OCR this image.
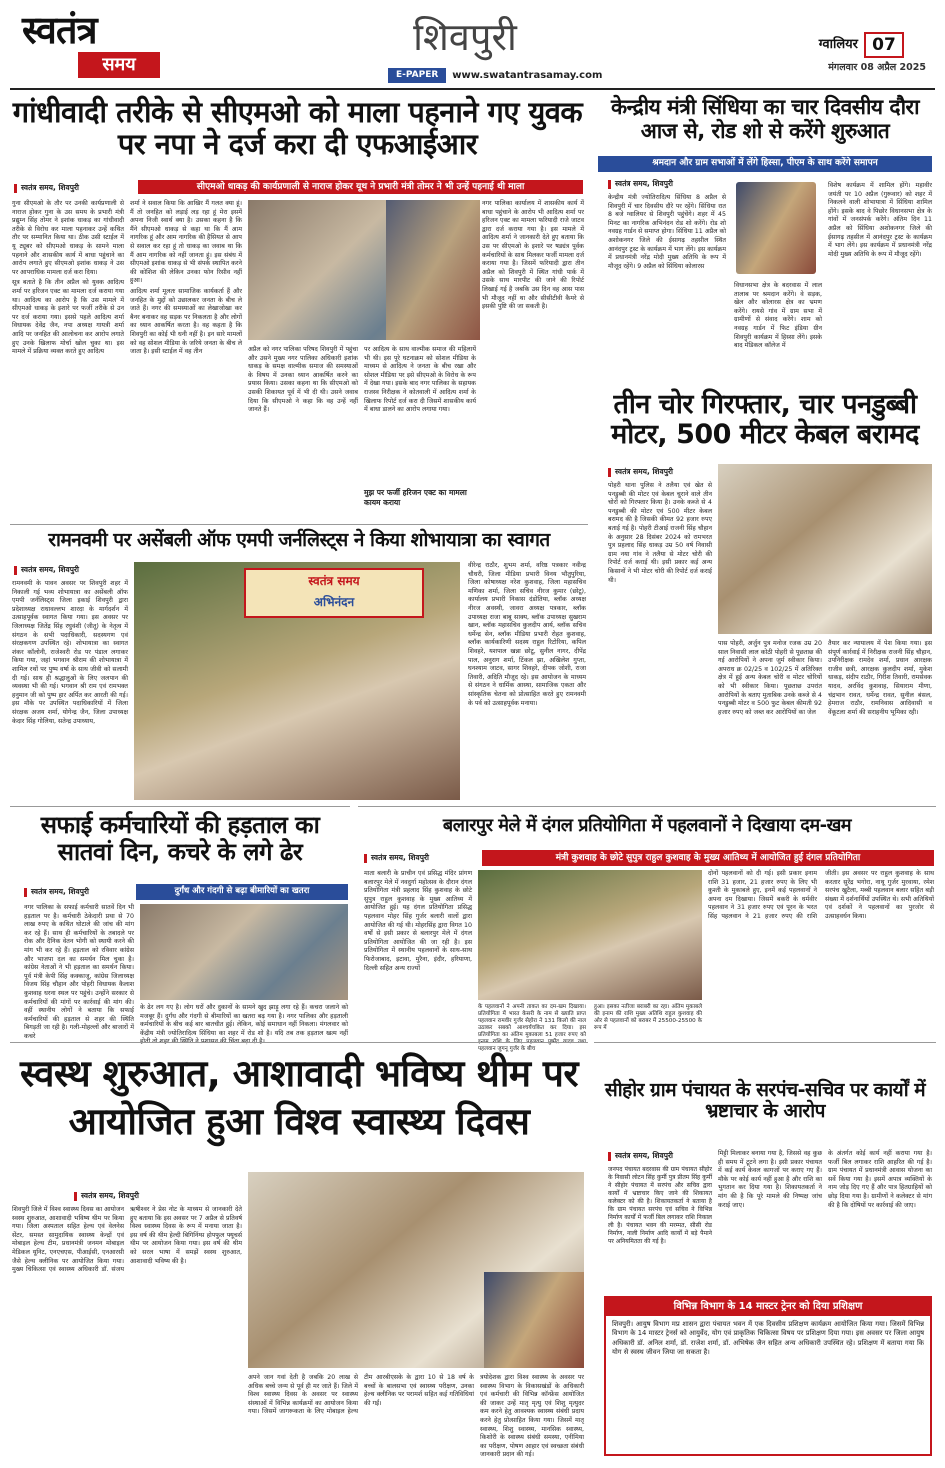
स्वतंत्र
समय
शिवपुरी
E-PAPER	www.swatantrasamay.com
ग्वालियर 07
मंगलवार 08 अप्रैल 2025
गांधीवादी तरीके से सीएमओ को माला पहनाने गए युवक पर नपा ने दर्ज करा दी एफआईआर
स्वतंत्र समय, शिवपुरी	सीएमओ धाकड़ की कार्यप्रणाली से नाराज होकर यूथ ने प्रभारी मंत्री तोमर ने भी उन्हें पहनाई थी माला

गुना सीएमओ के तौर पर उनकी कार्यप्रणाली से नाराज होकर गुना के उस समय के प्रभारी मंत्री प्रद्युम्न सिंह तोमर ने इशांक धाकड़ का गांधीवादी तरीके से विरोध कर माला पहनाकर उन्हें कथित तौर पर सम्मानित किया था। ठीक उसी स्टाईल में यू ट्यूबर को सीएमओ धाकड़ के सामने माला पहनाने और शासकीय कार्य में बाधा पहुंचाने का आरोप लगाते हुए सीएमओ इशांक धाकड़ ने उस पर आपराधिक मामला दर्ज करा दिया।

सूत्र बताते है कि तीन अप्रैल को युवक आदित्य शर्मा पर हरिजन एक्ट का मामला दर्ज कराया गया था। आदित्य का आरोप है कि उस मामले में सीएमओ धाकड़ के इशारे पर फर्जी तरीके से उन पर दर्ज कराया गया। इससे पहले आदित्य शर्मा विधायक देवेंद्र जैन, नपा अध्यक्ष गायत्री शर्मा आदि पर जनहित की आलोचना कर आरोप लगाते हुए उनके खिलाफ मोर्चा खोल चुका था। इस मामले में प्रक्रिया व्यक्त करते हुए आदित्य

शर्मा ने सवाल किया कि आखिर मैं गलत क्या हूं। मैं तो जनहित को लड़ाई लड़ रहा हूं मेरा इसमें अपना निजी स्वार्थ क्या है। उसका कहना है कि मैंने सीएमओ धाकड़ से कहा था कि मैं आम नागरिक हूं और आम नागरिक की हैसियत से आप से सवाल कर रहा हूं तो धाकड़ का जवाब था कि मैं आम नागरिक को नहीं जानता हूं। इस संबंध में सीएमओ इशांक धाकड़ से भी संपर्क स्थापित करने की कोशिश की लेकिन उनका फोन रिसीव नहीं हुआ।

आदित्य शर्मा मूलतः सामाजिक कार्यकर्ता हैं और जनहित के मुद्दों को उछालकर जनता के बीच ले जाते हैं। नगर की समस्याओं का लेखाजोखा कर बैनर बनाकर वह सड़क पर निकलता है और लोगों का ध्यान आकर्षित करता है। वह कहता है कि शिवपुरी का कोई भी धनी नहीं है। इन सारे मामलों को वह सोशल मीडिया के जरिये जनता के बीच ले जाता है। इसी स्टाईल में वह तीन	अप्रैल को नगर पालिका परिषद शिवपुरी में पहुंचा और उसने मुख्य नगर पालिका अधिकारी इशांक धाकड़ के समक्ष वाल्मीक समाज की समस्याओं के विषय में उनका ध्यान आकर्षित करने का प्रयास किया। उसका कहना था कि सीएमओ को उसकी शिकायत पूर्व में भी दी थी। उसने जवाब दिया कि सीएमओ ने कहा कि वह उन्हें नहीं जानते हैं।

पर आदित्य के साथ वाल्मीक समाज की महिलायें भी थी। इस पूरे घटनाक्रम को सोशल मीडिया के माध्यम से आदित्य ने जनता के बीच रखा और सोशल मीडिया पर इसे सीएमओ के विरोध के रूप में देखा गया। इसके बाद नगर पालिका के सहायक राजस्व निरीक्षक ने कोतवाली में आदित्य शर्मा के खिलाफ रिपोर्ट दर्ज करा दी जिसमें शासकीय कार्य में बाधा डालने का आरोप लगाया गया।

मुझ पर फर्जी हरिजन एक्ट का मामला कायम कराया

नगर पालिका कार्यालय में शासकीय कार्य में बाधा पहुंचाने के आरोप भी आदित्य शर्मा पर हरिजन एक्ट का मामला फरियादी राजे जाटव द्वारा दर्ज कराया गया है। इस मामले में आदित्य शर्मा ने जानकारी देते हुए बताया कि उस पर सीएमओ के इशारे पर षड्यंत्र पूर्वक कर्मचारियों के साथ मिलकर फर्जी मामला दर्ज कराया गया है। जिसमें फरियादी द्वारा तीन अप्रैल को शिवपुरी में स्थित गांधी पार्क में उसके साथ मारपीट की जाने की रिपोर्ट लिखाई गई है जबकि उस दिन वह आस पास भी मौजूद नहीं था और सीसीटीवी कैमरे से इसकी पुष्टि की जा सकती है।
केन्द्रीय मंत्री सिंधिया का चार दिवसीय दौरा आज से, रोड शो से करेंगे शुरुआत
श्रमदान और ग्राम सभाओं में लेंगे हिस्सा, पीएम के साथ करेंगे समापन
स्वतंत्र समय, शिवपुरी
केन्द्रीय मंत्री ज्योतिरादित्य सिंधिया 8 अप्रैल से शिवपुरी में चार दिवसीय दौरे पर रहेंगे। सिंधिया रात 8 बजे ग्वालियर से शिवपुरी पहुंचेंगे। शहर में 45 मिनट का नागरिक अभिनंदन रोड शो करेंगे। रोड शो नवग्रह गार्डन से समाप्त होगा। सिंधिया 11 अप्रैल को अशोकनगर जिले की ईसागढ़ तहसील स्थित आनंदपुर ट्रस्ट के कार्यक्रम में भाग लेंगे। इस कार्यक्रम में प्रधानमंत्री नरेंद्र मोदी मुख्य अतिथि के रूप में मौजूद रहेंगे। 9 अप्रैल को सिंधिया कोलारस
विधानसभा क्षेत्र के बदरवास में लाल तालाब पर श्रमदान करेंगे। वे सड़क, खेल और कोलारस क्षेत्र का भ्रमण करेंगे। रायसे गांव में ग्राम सभा में ग्रामीणों से संवाद करेंगे। शाम को नवग्रह गार्डन में फिट इंडिया ग्रीन शिवपुरी कार्यक्रम में हिस्सा लेंगे। इसके बाद मेडिकल कॉलेज में
विशेष कार्यक्रम में शामिल होंगे। महावीर जयंती पर 10 अप्रैल (गुरूवार) को शहर में निकलने वाली शोभायात्रा में सिंधिया शामिल होंगे। इसके बाद वे पिछोर विधानसभा क्षेत्र के गांवों में जनसंपर्क करेंगे। अंतिम दिन 11 अप्रैल को सिंधिया अशोकनगर जिले की ईसागढ़ तहसील में आनंदपुर ट्रस्ट के कार्यक्रम में भाग लेंगे। इस कार्यक्रम में प्रधानमंत्री नरेंद्र मोदी मुख्य अतिथि के रूप में मौजूद रहेंगे।
तीन चोर गिरफ्तार, चार पनडुब्बी मोटर, 500 मीटर केबल बरामद
स्वतंत्र समय, शिवपुरी
पोहरी थाना पुलिस ने तलैया एवं खेत से पनडुब्बी की मोटर एवं केबल चुराने वाले तीन चोरों को गिरफ्तार किया है। उनके कब्जे से 4 पनडुब्बी की मोटर एवं 500 मीटर केबल बरामद की है जिसकी कीमत 92 हजार रुपए बताई गई है। पोहरी टीआई राजनी सिंह चौहान के अनुसार 28 दिसंबर 2024 को रामभरत पुत्र प्रहलाद सिंह धाकड़ उम्र 50 वर्ष निवासी ग्राम नया गांव ने तलैया से मोटर चोरी की रिपोर्ट दर्ज कराई थी। इसी प्रकार कई अन्य किसानों ने भी मोटर चोरी की रिपोर्ट दर्ज कराई थी।
पास पोहरी, अर्जुन पुत्र मनोज रजक उम्र 20 साल निवासी लाल कोठी पोहरी से पूछताछ की गई आरोपियों ने अपना जुर्म स्वीकार किया। अपराध क्र 02/25 व 102/25 में अतिरिक्त क्षेत्र में हुई अन्य केबल चोरी व मोटर चोरियों को भी स्वीकार किया। पूछताछ उपरांत आरोपियों के बताए मुताबिक उनके कब्जे से 4 पनडुब्बी मोटर व 500 फुट केबल कीमती 92 हजार रुपए को जब्त कर आरोपियों का जेल
तैयार कर न्यायालय में पेश किया गया। इस संपूर्ण कार्रवाई में निरीक्षक राजनी सिंह चौहान, उपनिरीक्षक रामदेव शर्मा, प्रधान आरक्षक राजीव छत्री, आरक्षक कुलदीप शर्मा, मुकेश धाकड़, संदीप राठौर, गिरीश तिवारी, रामसेवक यादव, अरविंद कुशवाह, सियाराम मीणा, चंद्रभान रावत, धर्मेन्द्र रावत, सुनील बंसल, हेमराज राठौर, रामनिवास आदिवासी व वेंकूटला शर्मा की सराहनीय भूमिका रही।
रामनवमी पर असेंबली ऑफ एमपी जर्नलिस्ट्स ने किया शोभायात्रा का स्वागत
स्वतंत्र समय, शिवपुरी
रामनवमी के पावन अवसर पर शिवपुरी शहर में निकाली गई भव्य शोभायात्रा का असेंबली ऑफ एमपी जर्नलिस्ट्स जिला इकाई शिवपुरी द्वारा प्रदेशाध्यक्ष राधावल्लभ शारदा के मार्गदर्शन में उत्साहपूर्वक स्वागत किया गया। इस अवसर पर जिलाध्यक्ष जितेंद्र सिंह रघुवंशी (जीतू) के नेतृत्व में संगठन के सभी पदाधिकारी, सदस्यगण एवं संरक्षकगण उपस्थित रहे। शोभायात्रा का स्वागत शंकर कॉलोनी, राजेश्वरी रोड पर पंडाल लगाकर किया गया, जहां भगवान श्रीराम की शोभायात्रा में शामिल रथों पर पुष्प वर्षा के साथ जीवी को सलामी दी गई। साथ ही श्रद्धालुओं के लिए जलपान की व्यवस्था भी की गई। भगवान श्री राम एवं रामभक्त हनुमान जी को पुष्प हार अर्पित कर आरती की गई। इस मौके पर उपस्थित पदाधिकारियों में जिला संरक्षक अजय शर्मा, योगेन्द्र जैन, जिला उपाध्यक्ष केदार सिंह गोलिया, सतेन्द्र उपाध्याय,
स्वतंत्र समय
अभिनंदन
वीरेन्द्र राठौर, शुभम शर्मा, वरिष्ठ पत्रकार नवीन्द्र चौधरी, जिला मीडिया प्रभारी विनय भौतुपुरिया, जिला कोषाध्यक्ष नरेश कुशवाह, जिला महासचिव मणिका शर्मा, जिला सचिव नीरज कुमार (छोटू), कार्यालय प्रभारी निकास दंडोतिया, ब्लॉक अध्यक्ष नीरज अवस्थी, जावरा अध्यक्ष पत्रकार, ब्लॉक उपाध्यक्ष राजा बाबू साक्य, ब्लॉक उपाध्यक्ष सुखराम खान, ब्लॉक महासचिव कुलदीप आर्य, ब्लॉक सचिव धर्मेन्द्र सेन, ब्लॉक मीडिया प्रभारी रोहत कुशवाह, ब्लॉक कार्यकारिणी सदस्य राहुल रिटोरिया, कपिल शिवहरे, यशपाल खन्ना छोटू, सुनील नागर, दीपेंद्र पाल, अनुराग शर्मा, टिंकल झा, अखिलेश गुप्ता, घनश्याम जाटव, सागर शिवहरे, दीपक जोशी, राजा तिवारी, अदिति मौजूद रहे। इस आयोजन के माध्यम से संगठन ने धार्मिक आस्था, सामाजिक एकता और सांस्कृतिक चेतना को प्रोत्साहित करते हुए रामनवमी के पर्व को उत्साहपूर्वक मनाया।
सफाई कर्मचारियों की हड़ताल का सातवां दिन, कचरे के लगे ढेर
स्वतंत्र समय, शिवपुरी	दुर्गंध और गंदगी से बढ़ा बीमारियों का खतरा
नगर पालिका के सफाई कर्मचारी सातवें दिन भी हड़ताल पर है। कर्मचारी ठेकेदारी प्रथा से 70 लाख रुपए के कथित घोटाले की जांच की मांग कर रहे हैं। साथ ही कर्मचारियों के तबादले पर रोक और दैनिक वेतन भोगी को स्थायी करने की मांग भी कर रहे हैं। हड़ताल को रविवार कांग्रेस और भाजपा दल का समर्थन मिल चुका है। कांग्रेस नेताओं ने भी हड़ताल का समर्थन किया। पूर्व मंत्री केपी सिंह कक्काजू, कांग्रेस जिलाध्यक्ष विजय सिंह चौहान और पोहरी विधायक कैलाश कुशवाह धरना स्थल पर पहुंचे। उन्होंने सरकार से कर्मचारियों की मांगों पर कार्रवाई की मांग की। वहीं स्थानीय लोगों ने बताया कि सफाई कर्मचारियों की हड़ताल से शहर की स्थिति बिगड़ती जा रही है। गली-मोहल्लों और बाजारों में कचरे
के ढेर लग गए है। लोग घरों और दुकानों के सामने खुद झाड़ू लगा रहे हैं। कचरा जलाने को मजबूर हैं। दुर्गंध और गंदगी से बीमारियों का खतरा बढ़ गया है। नगर पालिका और हड़ताली कर्मचारियों के बीच कई बार बातचीत हुई। लेकिन, कोई समाधान नहीं निकला। मंगलवार को केंद्रीय मंत्री ज्योतिरादित्य सिंधिया का शहर में रोड शो है। यदि तब तक हड़ताल खत्म नहीं
बलारपुर मेले में दंगल प्रतियोगिता में पहलवानों ने दिखाया दम-खम
स्वतंत्र समय, शिवपुरी	मंत्री कुशवाह के छोटे सुपुत्र राहुल कुशवाह के मुख्य आतिथ्य में आयोजित हुई दंगल प्रतियोगिता
माता बलारी के प्राचीन एवं प्रसिद्ध मंदिर प्रांगण बलारपुर मेले में नवदुर्गा महोत्सव के दौरान दंगल प्रतियोगिता मंत्री प्रहलाद सिंह कुशवाह के छोटे सुपुत्र राहुल कुशवाह के मुख्य आतिथ्य में आयोजित हुई। यह दंगल प्रतियोगिता प्रसिद्ध पहलवान मोहर सिंह गुर्जर बलारी वालों द्वारा आयोजित की गई थी। मोहरसिंह द्वारा विगत 10 वर्षों से इसी प्रकार से बलारपुर मेले में दंगल प्रतियोगिता आयोजित की जा रही है। इस प्रतियोगिता में स्थानीय पहलवानों के साथ-साथ फिरोजाबाद, इटावा, मुरैना, इंदौर, हरियाणा, दिल्ली सहित अन्य राज्यों
के पहलवानों ने अपनी ताकत का दम-खम दिखाया। प्रतियोगिता में भारत केसरी के नाम से ख्याति प्राप्त पहलवान रामवीर गुर्जर सेहोरा ने 131 किलो की नाल उठाकर सबको आश्चर्यचकित कर दिया। इस प्रतियोगिता का अंतिम मुकाबला 51 हजार रुपए को पहलवान जुगनू गुर्जर के बीच
हुआ। इसका नतीजा बराबरी का रहा। अंतिम मुकाबले की इनाम की राशि मुख्य अतिथि राहुल कुशवाह की ओर से पहलवानों को बराबर में 25500-25500 के रूप में
दोनों पहलवानों को दी गई। इसी प्रकार इनाम राशि 31 हजार, 21 हजार रुपए के लिए भी कुश्ती के मुकाबले हुए, इनमें कई पहलवानों ने अपना दम दिखाया। जिसमें बकरी के धर्मवीर पहलवान ने 31 हजार रुपए एवं पूरन के भरत सिंह पहलवान ने 21 हजार रुपए की राशि जीती। इस अवसर पर राहुल कुशवाह के साथ करतार सुरेंद्र भगोरा, नाथू गुर्जर मुरवाया, रमेश सरपंच खुटैला, मब्बी पहलवान बलार सहित बड़ी संख्या में दर्शनार्थियों उपस्थित थे। सभी अतिथियों एवं दर्शकों ने पहलवानों का पुरजोर से उत्साहवर्धन किया।
स्वस्थ शुरुआत, आशावादी भविष्य थीम पर आयोजित हुआ विश्व स्वास्थ्य दिवस
स्वतंत्र समय, शिवपुरी
शिवपुरी जिले में विश्व स्वास्थ्य दिवस का आयोजन स्वस्थ शुरुआत, आशावादी भविष्य थीम पर किया गया। जिला अस्पताल सहित हेल्थ एवं वेलनेस सेंटर, समस्त सामुदायिक स्वास्थ्य केन्द्रों एवं मोबाइल हेल्थ टीम, प्रधानमंत्री जनमन मोबाइल मेडिकल यूनिट, एनएचएस, पीआईसी, एनआरसी जैसे हेल्थ क्लीनिक पर आयोजित किया गया। मुख्य चिकित्सा एवं स्वास्थ्य अधिकारी डॉ. संजय ऋषीश्वर ने प्रेस नोट के माध्यम से जानकारी देते हुए बताया कि इस अवसर पर 7 अप्रैल से प्रतिवर्ष विश्व स्वास्थ्य दिवस के रूप में मनाया जाता है। इस वर्ष की थीम हेल्दी बिगिनिंग्स होपफुल फ्यूचर्स थीम पर आयोजन किया गया। इस वर्ष की थीम को सरल भाषा में समझें स्वस्थ शुरुआत, आशावादी भविष्य की है।
अपने जान गवां देती है जबकि 20 लाख से अधिक बच्चे जन्म से पूर्व ही मर जाते हैं। जिले में विश्व स्वास्थ्य दिवस के अवसर पर स्वास्थ्य संस्थाओं में विभिन्न कार्यक्रमों का आयोजन किया गया। जिसमें जागरूकता के लिए मोबाइल हेल्थ टीम आरबीएसके के द्वारा 10 से 18 वर्ष के बच्चों के बालसभा एवं स्वास्थ्य परीक्षण, उनका हेल्थ क्लीनिक पर परामर्श सहित कई गतिविधियां की गईं।
त्रयोदेशक द्वारा विश्व स्वास्थ्य के अवसर पर स्वास्थ्य विभाग के विकासखंडों के अधिकारी एवं कर्मचारी की विभिन्न कॉन्फ्रेंस आयोजित की जाकर उन्हें मातृ मृत्यु एवं शिशु मृत्युदर कम करने हेतु आवश्यक स्वास्थ्य संबंधी प्रदाय करने हेतु प्रोत्साहित किया गया। जिसमें मातृ स्वास्थ्य, शिशु स्वास्थ्य, मानसिक स्वास्थ्य, किशोरी के स्वास्थ्य संबंधी समस्या, एनीमिया का परीक्षण, पोषण आहार एवं स्वच्छता संबंधी जानकारी प्रदान की गई।
सीहोर ग्राम पंचायत के सरपंच-सचिव पर कार्यों में भ्रष्टाचार के आरोप
स्वतंत्र समय, शिवपुरी
जनपद पंचायत बदरवास की ग्राम पंचायत सीहोर के निवासी लोटन सिंह कुर्मी पुत्र प्रीतम सिंह कुर्मी ने सीहोर पंचायत में सरपंच और सचिव द्वारा कार्यों में भ्रष्टाचार किए जाने की शिकायत कलेक्टर को की है। शिकायतकर्ता ने बताया है कि ग्राम पंचायत सरपंच एवं सचिव ने विभिन्न निर्माण कार्यों में फर्जी बिल लगाकर राशि निकाल ली है। पंचायत भवन की मरम्मत, सीसी रोड निर्माण, नाली निर्माण आदि कार्यों में बड़े पैमाने पर अनियमितता की गई है।
मिट्टी मिलाकर बनाया गया है, जिससे वह कुछ ही समय में टूटने लगा है। इसी प्रकार पंचायत में कई कार्य केवल कागजों पर कराए गए हैं। मौके पर कोई कार्य नहीं हुआ है और राशि का भुगतान कर दिया गया है। शिकायतकर्ता ने मांग की है कि पूरे मामले की निष्पक्ष जांच कराई जाए।
के अंतर्गत कोई कार्य नहीं कराया गया है। फर्जी बिल लगाकर राशि आहरित की गई है। ग्राम पंचायत में प्रधानमंत्री आवास योजना का सर्वे किया गया है। इसमें अपात्र व्यक्तियों के नाम जोड़ दिए गए हैं और पात्र हितग्राहियों को छोड़ दिया गया है। ग्रामीणों ने कलेक्टर से मांग की है कि दोषियों पर कार्रवाई की जाए।
विभिन्न विभाग के 14 मास्टर ट्रेनर को दिया प्रशिक्षण
शिवपुरी। आयुष विभाग मप्र शासन द्वारा पंचायत भवन में एक दिवसीय प्रशिक्षण कार्यक्रम आयोजित किया गया। जिसमें विभिन्न विभाग के 14 मास्टर ट्रेनर्स को आयुर्वेद, योग एवं प्राकृतिक चिकित्सा विषय पर प्रशिक्षण दिया गया। इस अवसर पर जिला आयुष अधिकारी डॉ. अनिल शर्मा, डॉ. राजेश शर्मा, डॉ. अभिषेक जैन सहित अन्य अधिकारी उपस्थित रहे। प्रशिक्षण में बताया गया कि योग से स्वस्थ जीवन जिया जा सकता है।
